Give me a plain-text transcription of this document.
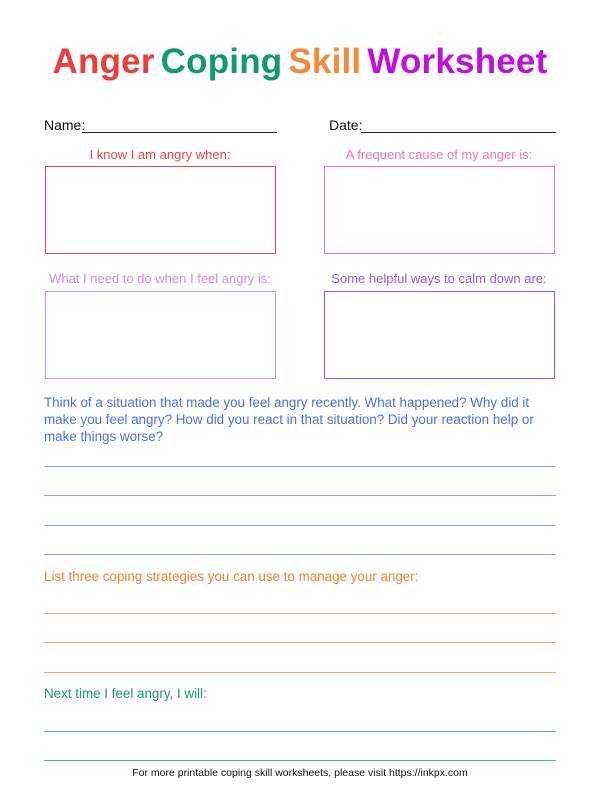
Anger Coping Skill Worksheet
Name:	Date:
I know I am angry when:	A frequent cause of my anger is:
What I need to do when I feel angry is:	Some helpful ways to calm down are:
Think of a situation that made you feel angry recently. What happened? Why did it make you feel angry? How did you react in that situation? Did your reaction help or make things worse?
List three coping strategies you can use to manage your anger:
Next time I feel angry, I will:
For more printable coping skill worksheets, please visit https://inkpx.com
